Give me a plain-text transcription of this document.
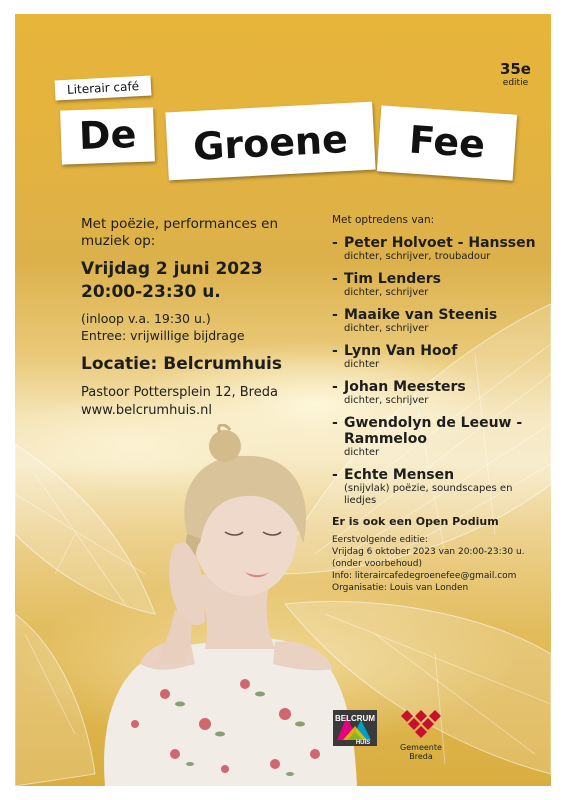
Literair café
De	Groene	Fee
35e
editie
Met poëzie, performances en muziek op:
Vrijdag 2 juni 2023
20:00-23:30 u.
(inloop v.a. 19:30 u.)
Entree: vrijwillige bijdrage
Locatie: Belcrumhuis
Pastoor Pottersplein 12, Breda
www.belcrumhuis.nl
Met optredens van:
- Peter Holvoet - Hanssen
dichter, schrijver, troubadour
- Tim Lenders
dichter, schrijver
- Maaike van Steenis
dichter, schrijver
- Lynn Van Hoof
dichter
- Johan Meesters
dichter, schrijver
- Gwendolyn de Leeuw - Rammeloo
dichter
- Echte Mensen
(snijvlak) poëzie, soundscapes en liedjes
Er is ook een Open Podium
Eerstvolgende editie:
Vrijdag 6 oktober 2023 van 20:00-23:30 u.
(onder voorbehoud)
Info: literaircafedegroenefee@gmail.com
Organisatie: Louis van Londen
BELCRUM
HUIS	Gemeente Breda
